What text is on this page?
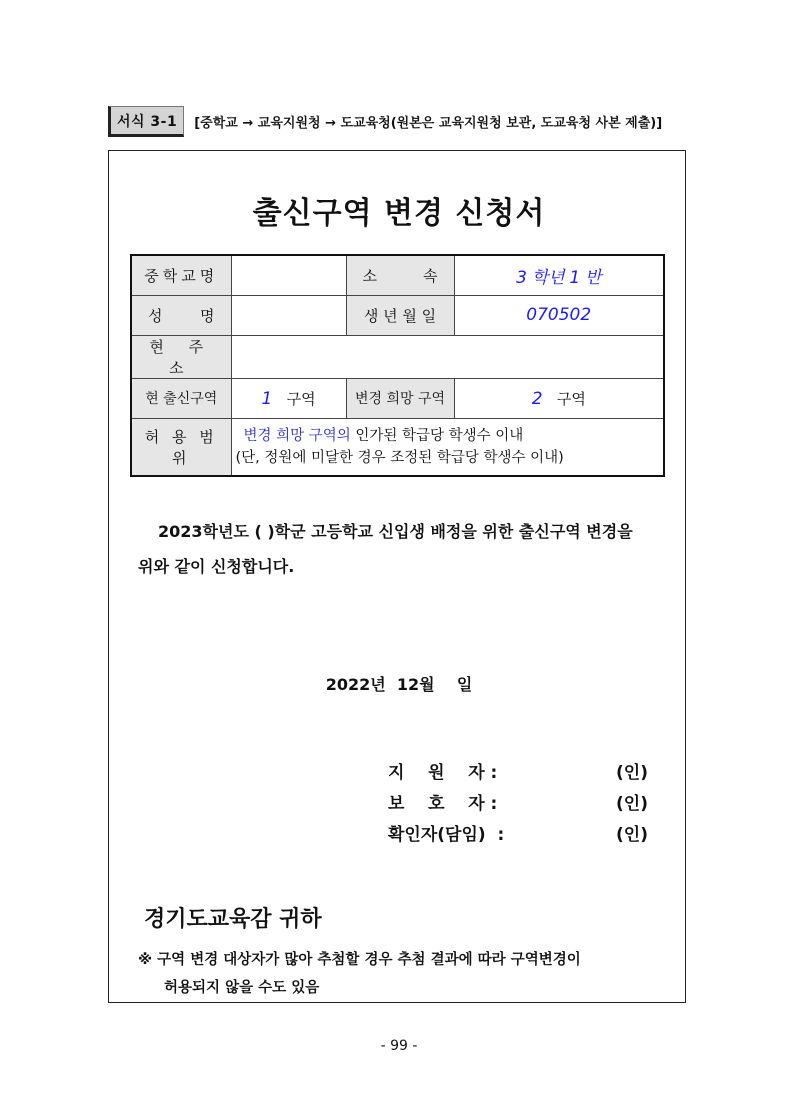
서식 3-1	[중학교 → 교육지원청 → 도교육청(원본은 교육지원청 보관, 도교육청 사본 제출)]
출신구역 변경 신청서
중학교명		소 속	3 학년 1 반

성 명		생 년 월 일	070502
현 주 소			
현 출신구역	1 구역	변경 희망 구역	2 구역
허 용 범 위	변경 희망 구역의 인가된 학급당 학생수 이내
(단, 정원에 미달한 경우 조정된 학급당 학생수 이내)		
2023학년도 ( )학군 고등학교 신입생 배정을 위한 출신구역 변경을
위와 같이 신청합니다.
2022년  12월    일
지    원    자 :	(인)
보    호    자 :	(인)
확인자(담임)  :	(인)
경기도교육감 귀하
※ 구역 변경 대상자가 많아 추첨할 경우 추첨 결과에 따라 구역변경이
허용되지 않을 수도 있음
- 99 -
